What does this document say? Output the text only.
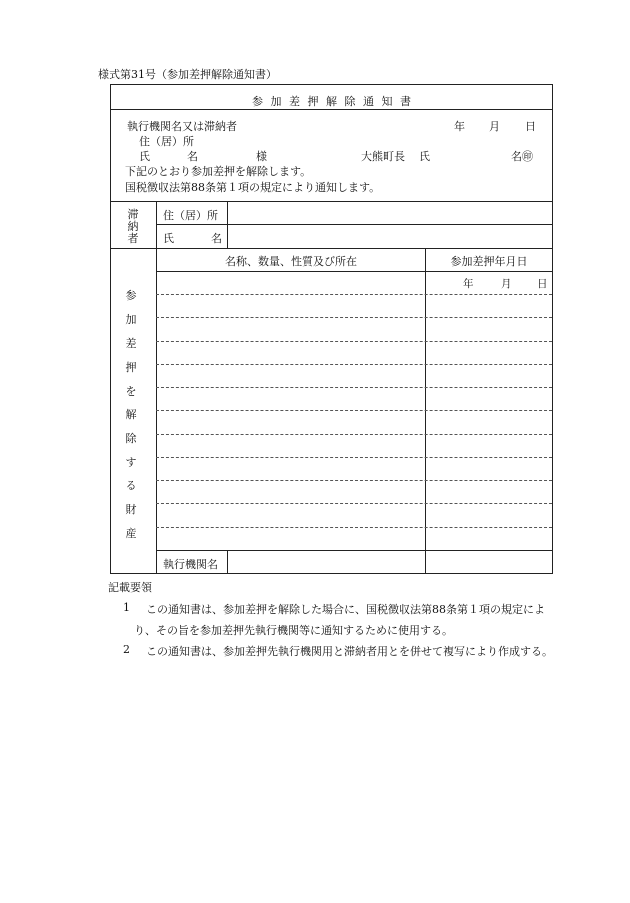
様式第31号（参加差押解除通知書）
参 加 差 押 解 除 通 知 書
執行機関名又は滞納者	年 月 日
住（居）所
氏	名	様	大熊町長 氏	名㊞
下記のとおり参加差押を解除します。
国税徴収法第88条第１項の規定により通知します。
滞
納
者
住（居）所
氏	名
名称、数量、性質及び所在	参加差押年月日
年	月 日
執行機関名
参
加
差
押
を
解
除
す
る
財
産
記載要領
1 この通知書は、参加差押を解除した場合に、国税徴収法第88条第１項の規定によ
り、その旨を参加差押先執行機関等に通知するために使用する。
2 この通知書は、参加差押先執行機関用と滞納者用とを併せて複写により作成する。
